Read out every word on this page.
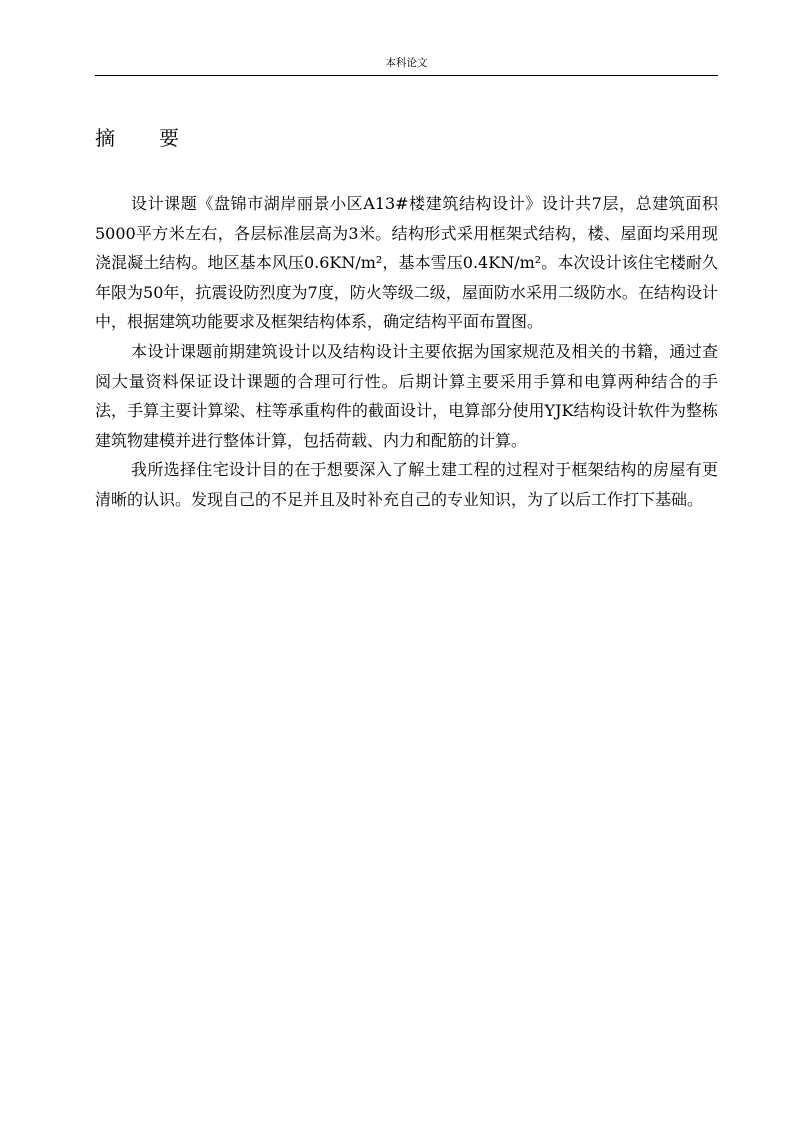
本科论文
摘 要

设计课题《盘锦市湖岸丽景小区A13#楼建筑结构设计》设计共7层，总建筑面积5000平方米左右，各层标准层高为3米。结构形式采用框架式结构，楼、屋面均采用现浇混凝土结构。地区基本风压0.6KN/m²，基本雪压0.4KN/m²。本次设计该住宅楼耐久年限为50年，抗震设防烈度为7度，防火等级二级，屋面防水采用二级防水。在结构设计中，根据建筑功能要求及框架结构体系，确定结构平面布置图。

本设计课题前期建筑设计以及结构设计主要依据为国家规范及相关的书籍，通过查阅大量资料保证设计课题的合理可行性。后期计算主要采用手算和电算两种结合的手法，手算主要计算梁、柱等承重构件的截面设计，电算部分使用YJK结构设计软件为整栋建筑物建模并进行整体计算，包括荷载、内力和配筋的计算。

我所选择住宅设计目的在于想要深入了解土建工程的过程对于框架结构的房屋有更清晰的认识。发现自己的不足并且及时补充自己的专业知识，为了以后工作打下基础。
